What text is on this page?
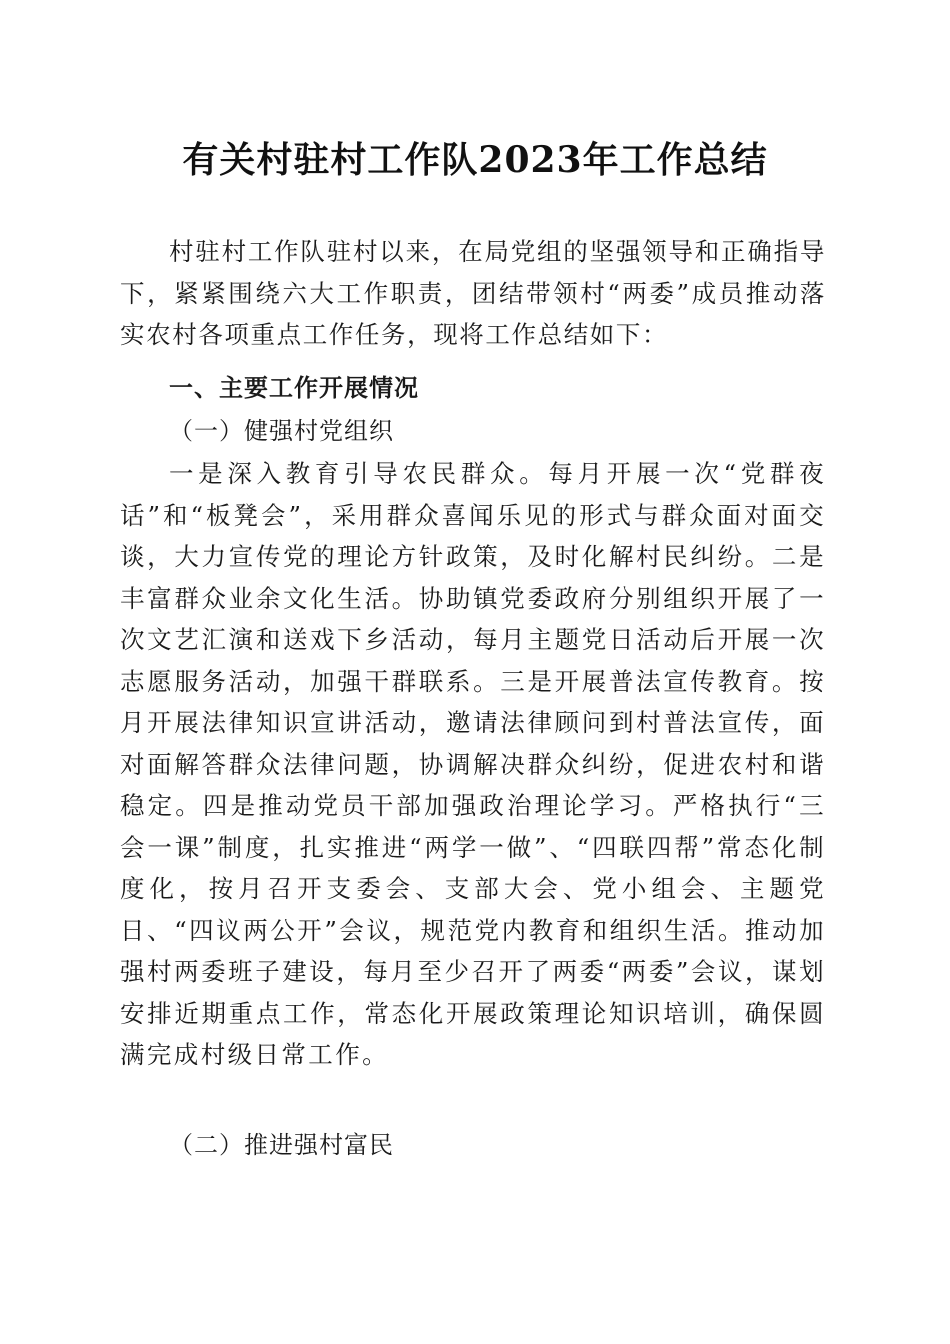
有关村驻村工作队2023年工作总结

村驻村工作队驻村以来，在局党组的坚强领导和正确指导下，紧紧围绕六大工作职责，团结带领村“两委”成员推动落实农村各项重点工作任务，现将工作总结如下：

一、主要工作开展情况
（一）健强村党组织

一是深入教育引导农民群众。每月开展一次“党群夜话”和“板凳会”，采用群众喜闻乐见的形式与群众面对面交谈，大力宣传党的理论方针政策，及时化解村民纠纷。二是丰富群众业余文化生活。协助镇党委政府分别组织开展了一次文艺汇演和送戏下乡活动，每月主题党日活动后开展一次志愿服务活动，加强干群联系。三是开展普法宣传教育。按月开展法律知识宣讲活动，邀请法律顾问到村普法宣传，面对面解答群众法律问题，协调解决群众纠纷，促进农村和谐稳定。四是推动党员干部加强政治理论学习。严格执行“三会一课”制度，扎实推进“两学一做”、“四联四帮”常态化制度化，按月召开支委会、支部大会、党小组会、主题党日、“四议两公开”会议，规范党内教育和组织生活。推动加强村两委班子建设，每月至少召开了两委“两委”会议，谋划安排近期重点工作，常态化开展政策理论知识培训，确保圆满完成村级日常工作。

（二）推进强村富民
